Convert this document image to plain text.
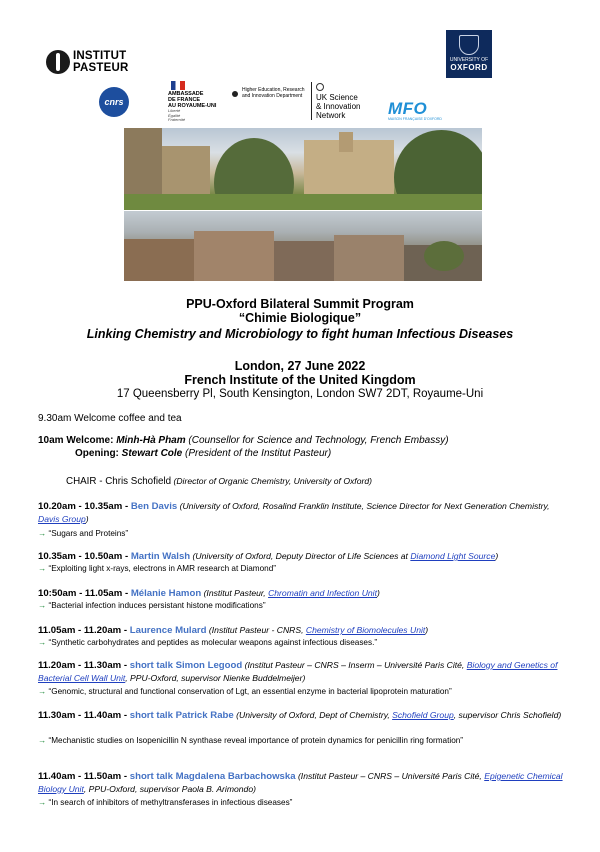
INSTITUT
PASTEUR
UNIVERSITY OF
OXFORD
cnrs
AMBASSADE
DE FRANCE
AU ROYAUME-UNI
Liberté
Égalité
Fraternité
Higher Education, Research and Innovation Department	UK Science
& Innovation
Network	MFO
MAISON FRANÇAISE D'OXFORD
PPU-Oxford Bilateral Summit Program
“Chimie Biologique”
Linking Chemistry and Microbiology to fight human Infectious Diseases
London, 27 June 2022
French Institute of the United Kingdom
17 Queensberry Pl, South Kensington, London SW7 2DT, Royaume-Uni
9.30am Welcome coffee and tea
10am Welcome: Minh-Hà Pham (Counsellor for Science and Technology, French Embassy)
Opening: Stewart Cole (President of the Institut Pasteur)
CHAIR - Chris Schofield (Director of Organic Chemistry, University of Oxford)
10.20am - 10.35am - Ben Davis (University of Oxford, Rosalind Franklin Institute, Science Director for Next Generation Chemistry, Davis Group)
→ “Sugars and Proteins”
10.35am - 10.50am - Martin Walsh (University of Oxford, Deputy Director of Life Sciences at Diamond Light Source)
→ “Exploiting light x-rays, electrons in AMR research at Diamond”
10:50am - 11.05am - Mélanie Hamon (Institut Pasteur, Chromatin and Infection Unit)
→ “Bacterial infection induces persistant histone modifications”
11.05am - 11.20am - Laurence Mulard (Institut Pasteur - CNRS, Chemistry of Biomolecules Unit)
→ “Synthetic carbohydrates and peptides as molecular weapons against infectious diseases.”
11.20am - 11.30am - short talk Simon Legood (Institut Pasteur – CNRS – Inserm – Université Paris Cité, Biology and Genetics of Bacterial Cell Wall Unit, PPU-Oxford, supervisor Nienke Buddelmeijer)
→ “Genomic, structural and functional conservation of Lgt, an essential enzyme in bacterial lipoprotein maturation”
11.30am - 11.40am - short talk Patrick Rabe (University of Oxford, Dept of Chemistry, Schofield Group, supervisor Chris Schofield)
→ “Mechanistic studies on Isopenicillin N synthase reveal importance of protein dynamics for penicillin ring formation”
11.40am - 11.50am - short talk Magdalena Barbachowska (Institut Pasteur – CNRS – Université Paris Cité, Epigenetic Chemical Biology Unit, PPU-Oxford, supervisor Paola B. Arimondo)
→ “In search of inhibitors of methyltransferases in infectious diseases”
